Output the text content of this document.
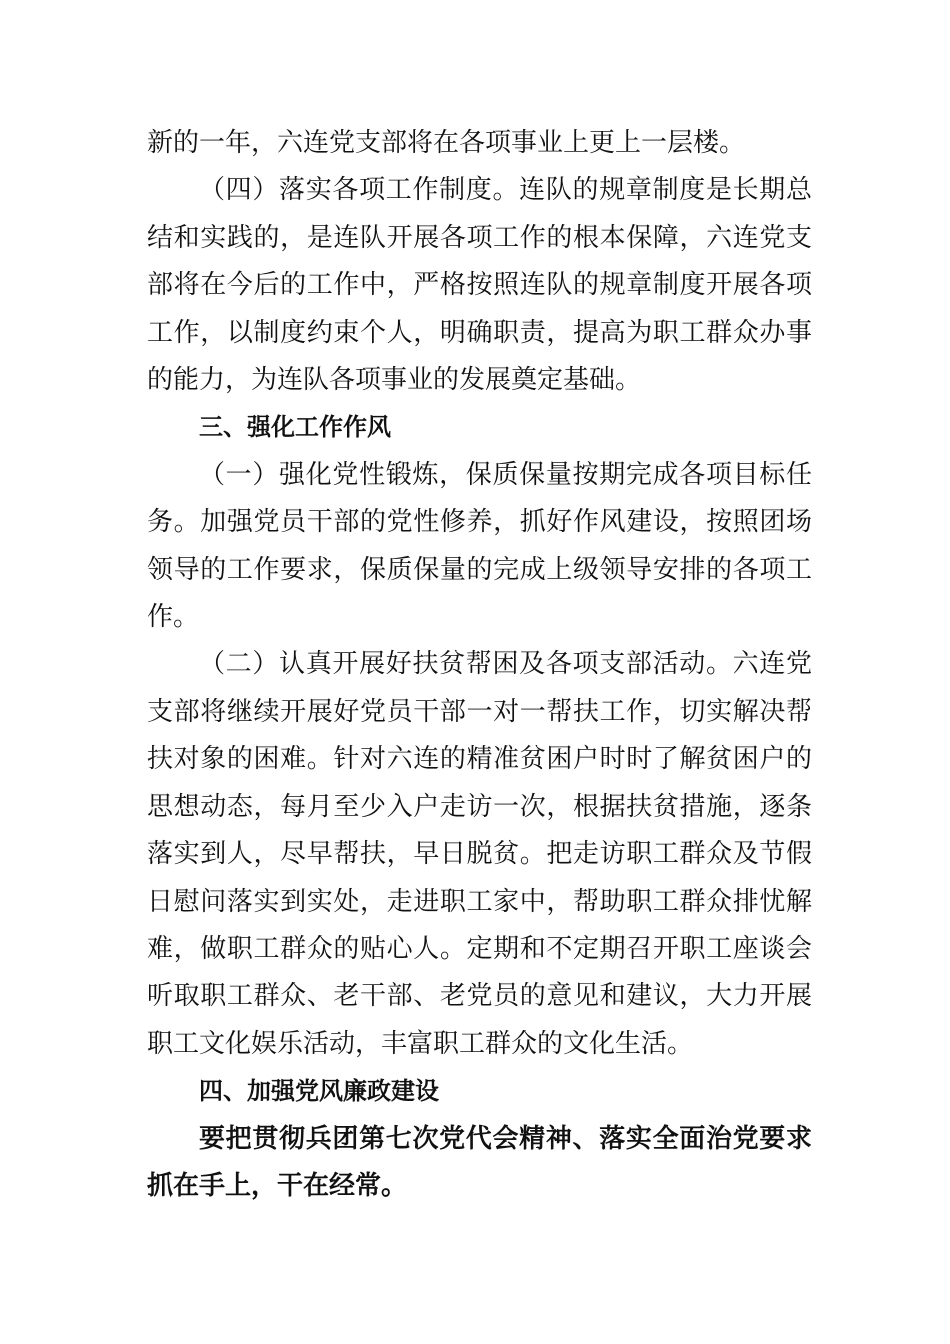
新的一年，六连党支部将在各项事业上更上一层楼。

（四）落实各项工作制度。连队的规章制度是长期总结和实践的，是连队开展各项工作的根本保障，六连党支部将在今后的工作中，严格按照连队的规章制度开展各项工作，以制度约束个人，明确职责，提高为职工群众办事的能力，为连队各项事业的发展奠定基础。

三、强化工作作风

（一）强化党性锻炼，保质保量按期完成各项目标任务。加强党员干部的党性修养，抓好作风建设，按照团场领导的工作要求，保质保量的完成上级领导安排的各项工作。

（二）认真开展好扶贫帮困及各项支部活动。六连党支部将继续开展好党员干部一对一帮扶工作，切实解决帮扶对象的困难。针对六连的精准贫困户时时了解贫困户的思想动态，每月至少入户走访一次，根据扶贫措施，逐条落实到人，尽早帮扶，早日脱贫。把走访职工群众及节假日慰问落实到实处，走进职工家中，帮助职工群众排忧解难，做职工群众的贴心人。定期和不定期召开职工座谈会听取职工群众、老干部、老党员的意见和建议，大力开展职工文化娱乐活动，丰富职工群众的文化生活。

四、加强党风廉政建设

要把贯彻兵团第七次党代会精神、落实全面治党要求抓在手上，干在经常。
